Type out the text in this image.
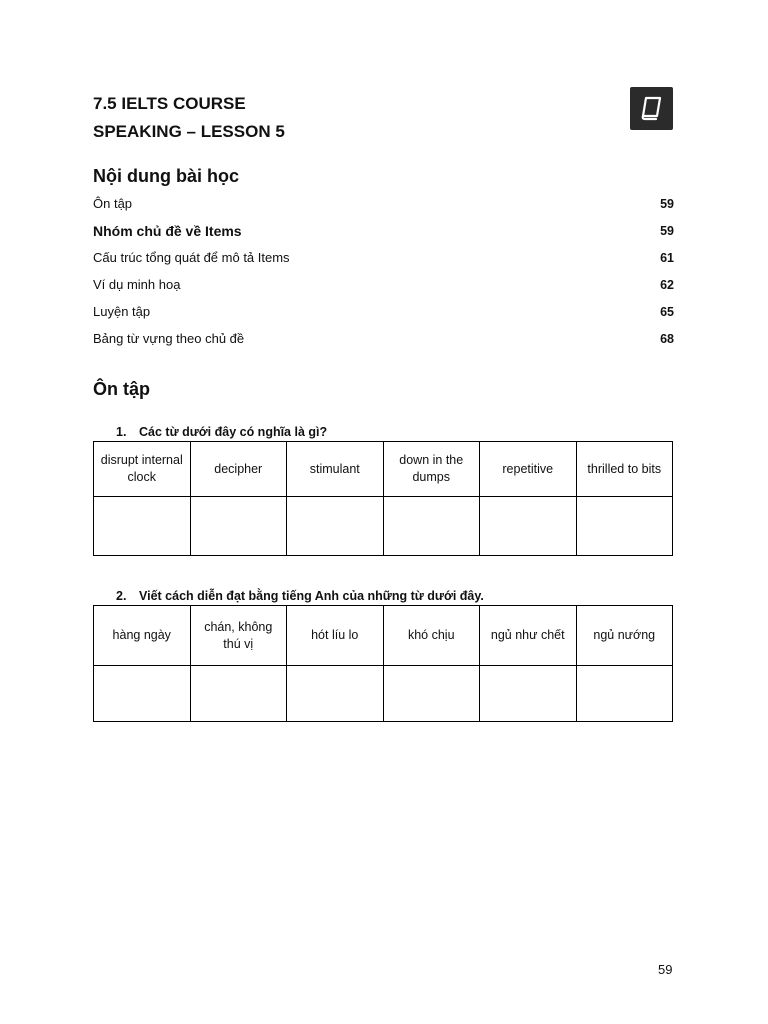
7.5 IELTS COURSE
SPEAKING – LESSON 5
Nội dung bài học
Ôn tập	59
Nhóm chủ đề về Items	59
Cấu trúc tổng quát để mô tả Items	61
Ví dụ minh hoạ	62
Luyện tập	65
Bảng từ vựng theo chủ đề	68
Ôn tập
1. Các từ dưới đây có nghĩa là gì?
disrupt internal clock	decipher	stimulant	down in the dumps	repetitive	thrilled to bits

2. Viết cách diễn đạt bằng tiếng Anh của những từ dưới đây.
hàng ngày	chán, không thú vị	hót líu lo	khó chịu	ngủ như chết	ngủ nướng

59
